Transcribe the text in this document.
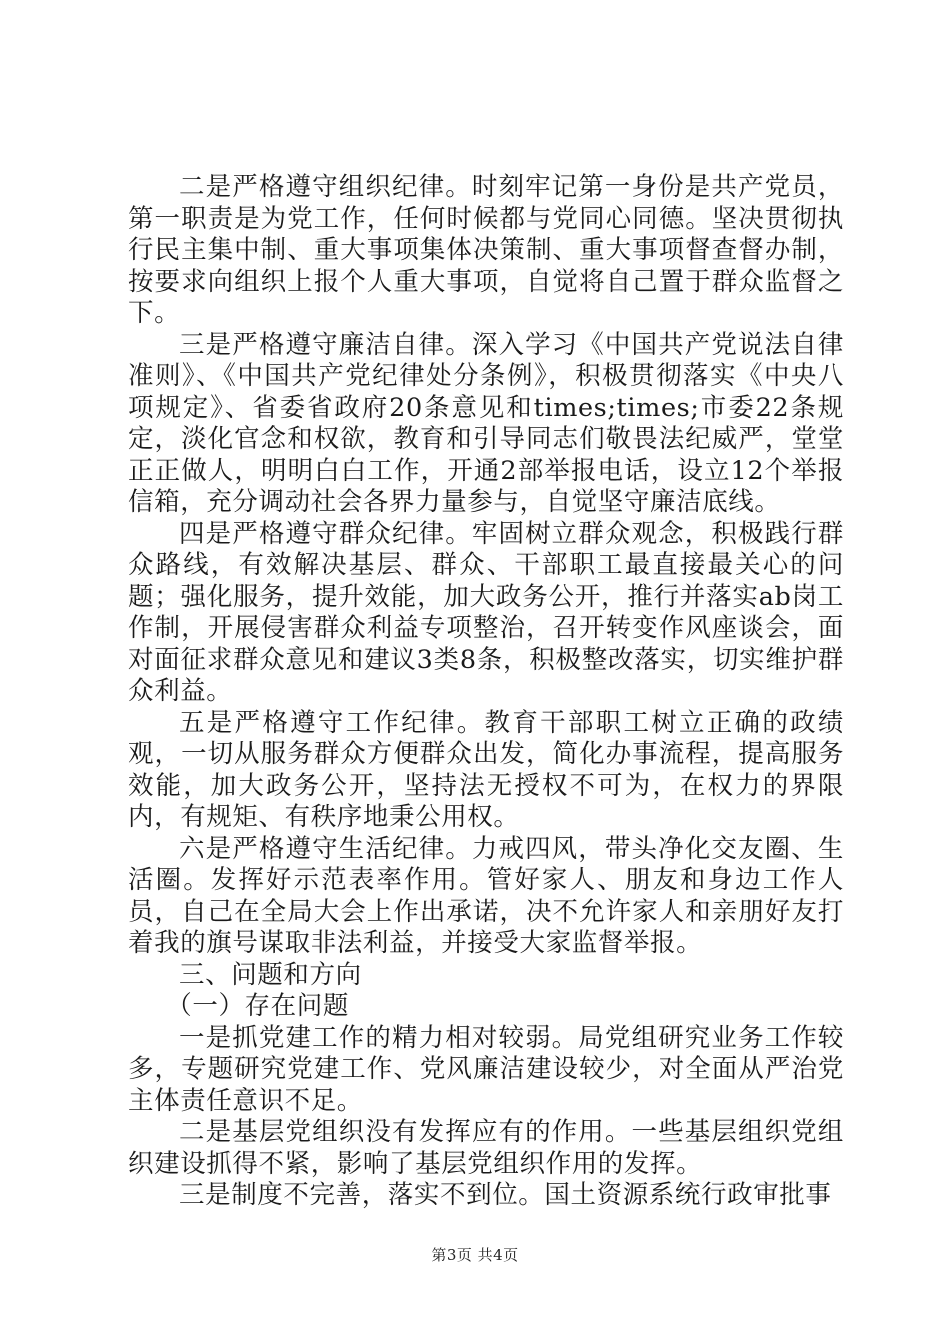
二是严格遵守组织纪律。时刻牢记第一身份是共产党员，第一职责是为党工作，任何时候都与党同心同德。坚决贯彻执行民主集中制、重大事项集体决策制、重大事项督查督办制，按要求向组织上报个人重大事项，自觉将自己置于群众监督之下。

三是严格遵守廉洁自律。深入学习《中国共产党说法自律准则》、《中国共产党纪律处分条例》，积极贯彻落实《中央八项规定》、省委省政府20条意见和times;times;市委22条规定，淡化官念和权欲，教育和引导同志们敬畏法纪威严，堂堂正正做人，明明白白工作，开通2部举报电话，设立12个举报信箱，充分调动社会各界力量参与，自觉坚守廉洁底线。

四是严格遵守群众纪律。牢固树立群众观念，积极践行群众路线，有效解决基层、群众、干部职工最直接最关心的问题；强化服务，提升效能，加大政务公开，推行并落实ab岗工作制，开展侵害群众利益专项整治，召开转变作风座谈会，面对面征求群众意见和建议3类8条，积极整改落实，切实维护群众利益。

五是严格遵守工作纪律。教育干部职工树立正确的政绩观，一切从服务群众方便群众出发，简化办事流程，提高服务效能，加大政务公开，坚持法无授权不可为，在权力的界限内，有规矩、有秩序地秉公用权。

六是严格遵守生活纪律。力戒四风，带头净化交友圈、生活圈。发挥好示范表率作用。管好家人、朋友和身边工作人员，自己在全局大会上作出承诺，决不允许家人和亲朋好友打着我的旗号谋取非法利益，并接受大家监督举报。

三、问题和方向

（一）存在问题

一是抓党建工作的精力相对较弱。局党组研究业务工作较多，专题研究党建工作、党风廉洁建设较少，对全面从严治党主体责任意识不足。

二是基层党组织没有发挥应有的作用。一些基层组织党组织建设抓得不紧，影响了基层党组织作用的发挥。

三是制度不完善，落实不到位。国土资源系统行政审批事

第3页 共4页
